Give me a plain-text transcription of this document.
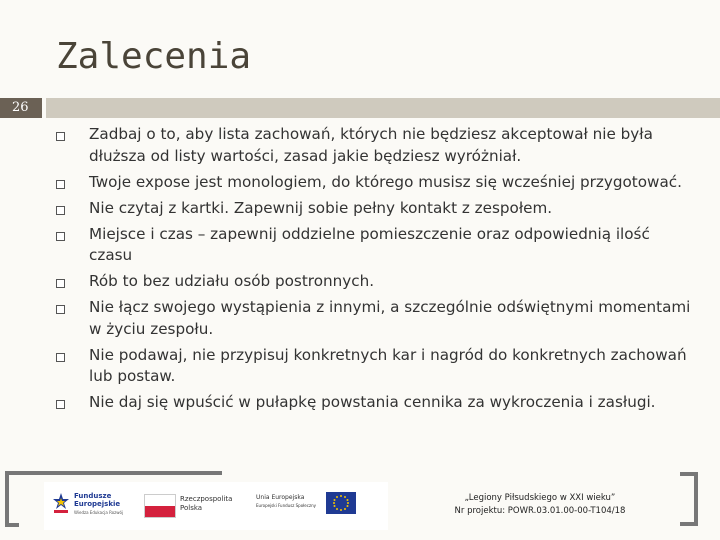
Zalecenia
26
Zadbaj o to, aby lista zachowań, których nie będziesz akceptował nie była dłuższa od listy wartości, zasad jakie będziesz wyróżniał.
Twoje expose jest monologiem, do którego musisz się wcześniej przygotować.
Nie czytaj z kartki. Zapewnij sobie pełny kontakt z zespołem.
Miejsce i czas – zapewnij oddzielne pomieszczenie oraz odpowiednią ilość czasu
Rób to bez udziału osób postronnych.
Nie łącz swojego wystąpienia z innymi, a szczególnie odświętnymi momentami w życiu zespołu.
Nie podawaj, nie przypisuj konkretnych kar i nagród do konkretnych zachowań lub postaw.
Nie daj się wpuścić w pułapkę powstania cennika za wykroczenia i zasługi.
Fundusze
Europejskie
Wiedza Edukacja Rozwój
Rzeczpospolita
Polska
Unia Europejska
Europejski Fundusz Społeczny
„Legiony Piłsudskiego w XXI wieku”
Nr projektu: POWR.03.01.00-00-T104/18
